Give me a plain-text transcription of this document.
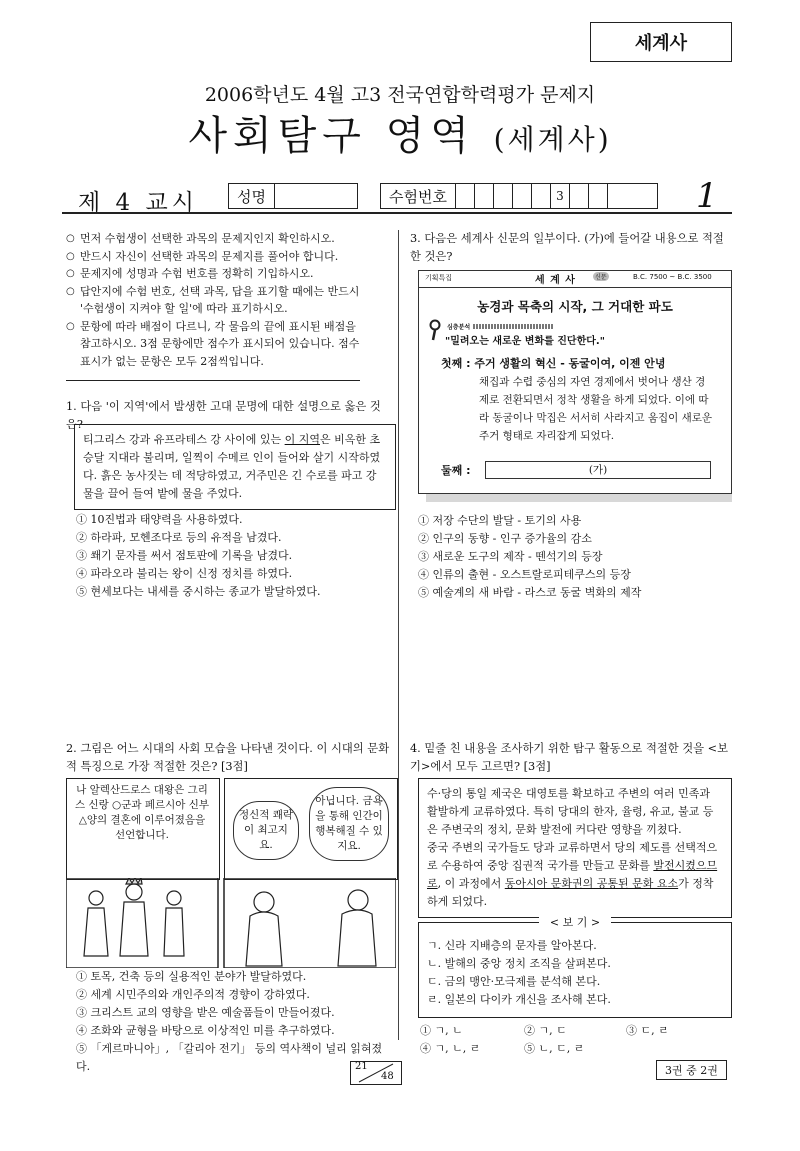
세계사
2006학년도 4월 고3 전국연합학력평가 문제지
사회탐구 영역 (세계사)
제 4 교시	성명	수험번호	3	1
○ 먼저 수험생이 선택한 과목의 문제지인지 확인하시오.
○ 반드시 자신이 선택한 과목의 문제지를 풀어야 합니다.
○ 문제지에 성명과 수험 번호를 정확히 기입하시오.
○ 답안지에 수험 번호, 선택 과목, 답을 표기할 때에는 반드시 '수험생이 지켜야 할 일'에 따라 표기하시오.
○ 문항에 따라 배점이 다르니, 각 물음의 끝에 표시된 배점을 참고하시오. 3점 문항에만 점수가 표시되어 있습니다. 점수 표시가 없는 문항은 모두 2점씩입니다.
1. 다음 '이 지역'에서 발생한 고대 문명에 대한 설명으로 옳은 것은?
티그리스 강과 유프라테스 강 사이에 있는 이 지역은 비옥한 초승달 지대라 불리며, 일찍이 수메르 인이 들어와 살기 시작하였다. 흙은 농사짓는 데 적당하였고, 거주민은 긴 수로를 파고 강물을 끌어 들여 밭에 물을 주었다.
① 10진법과 태양력을 사용하였다.
② 하라파, 모헨조다로 등의 유적을 남겼다.
③ 쐐기 문자를 써서 점토판에 기록을 남겼다.
④ 파라오라 불리는 왕이 신정 정치를 하였다.
⑤ 현세보다는 내세를 중시하는 종교가 발달하였다.
3. 다음은 세계사 신문의 일부이다. (가)에 들어갈 내용으로 적절한 것은?
기획특집	세 계 사	신문	B.C. 7500 ~ B.C. 3500
농경과 목축의 시작, 그 거대한 파도
심층분석
"밀려오는 새로운 변화를 진단한다."
첫째 : 주거 생활의 혁신 - 동굴이여, 이젠 안녕
채집과 수렵 중심의 자연 경제에서 벗어나 생산 경제로 전환되면서 정착 생활을 하게 되었다. 이에 따라 동굴이나 막집은 서서히 사라지고 움집이 새로운 주거 형태로 자리잡게 되었다.
둘째 :	(가)
① 저장 수단의 발달 - 토기의 사용
② 인구의 동향 - 인구 증가율의 감소
③ 새로운 도구의 제작 - 뗀석기의 등장
④ 인류의 출현 - 오스트랄로피테쿠스의 등장
⑤ 예술계의 새 바람 - 라스코 동굴 벽화의 제작
2. 그림은 어느 시대의 사회 모습을 나타낸 것이다. 이 시대의 문화적 특징으로 가장 적절한 것은? [3점]
나 알렉산드로스 대왕은 그리스 신랑 ○군과 페르시아 신부 △양의 결혼에 이루어졌음을 선언합니다.
정신적 쾌락이 최고지요.
아닙니다. 금욕을 통해 인간이 행복해질 수 있지요.
① 토목, 건축 등의 실용적인 분야가 발달하였다.
② 세계 시민주의와 개인주의적 경향이 강하였다.
③ 크리스트 교의 영향을 받은 예술품들이 만들어졌다.
④ 조화와 균형을 바탕으로 이상적인 미를 추구하였다.
⑤ 「게르마니아」, 「갈리아 전기」 등의 역사책이 널리 읽혀졌다.
4. 밑줄 친 내용을 조사하기 위한 탐구 활동으로 적절한 것을 <보기>에서 모두 고르면? [3점]
수·당의 통일 제국은 대영토를 확보하고 주변의 여러 민족과 활발하게 교류하였다. 특히 당대의 한자, 율령, 유교, 불교 등은 주변국의 정치, 문화 발전에 커다란 영향을 끼쳤다.
중국 주변의 국가들도 당과 교류하면서 당의 제도를 선택적으로 수용하여 중앙 집권적 국가를 만들고 문화를 발전시켰으므로, 이 과정에서 동아시아 문화권의 공통된 문화 요소가 정착하게 되었다.
< 보 기 >
ㄱ. 신라 지배층의 문자를 알아본다.
ㄴ. 발해의 중앙 정치 조직을 살펴본다.
ㄷ. 금의 맹안·모극제를 분석해 본다.
ㄹ. 일본의 다이카 개신을 조사해 본다.
① ㄱ, ㄴ	② ㄱ, ㄷ	③ ㄷ, ㄹ
④ ㄱ, ㄴ, ㄹ	⑤ ㄴ, ㄷ, ㄹ
21
48	3권 중 2권
